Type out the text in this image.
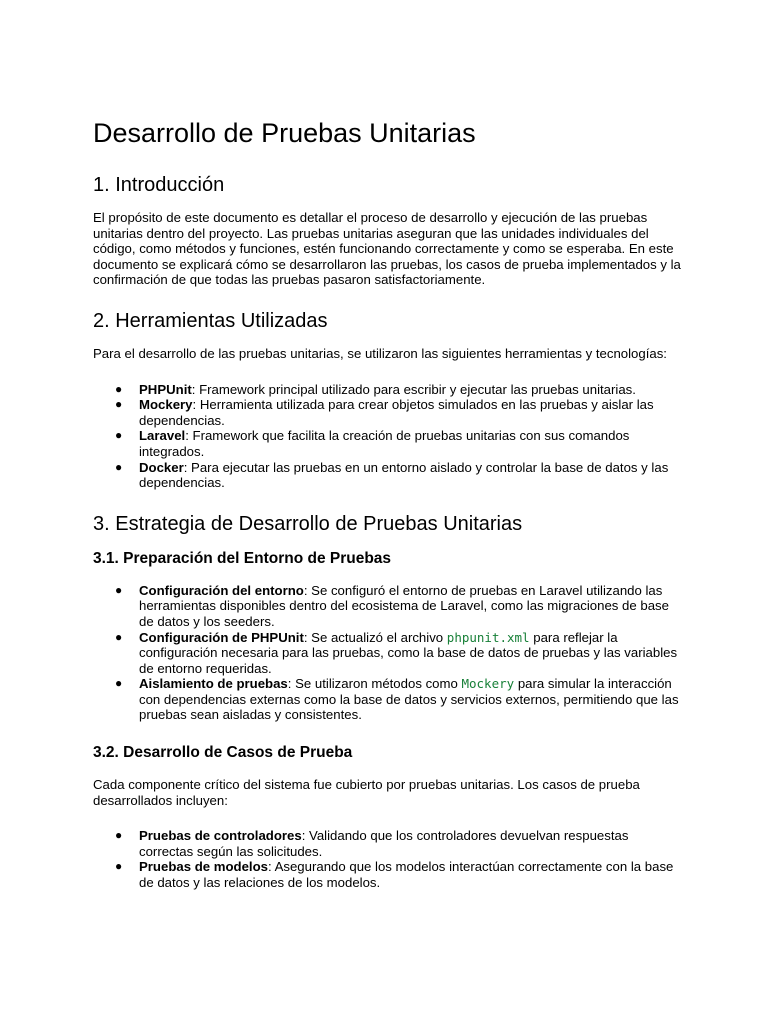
Desarrollo de Pruebas Unitarias
1. Introducción

El propósito de este documento es detallar el proceso de desarrollo y ejecución de las pruebas unitarias dentro del proyecto. Las pruebas unitarias aseguran que las unidades individuales del código, como métodos y funciones, estén funcionando correctamente y como se esperaba. En este documento se explicará cómo se desarrollaron las pruebas, los casos de prueba implementados y la confirmación de que todas las pruebas pasaron satisfactoriamente.

2. Herramientas Utilizadas

Para el desarrollo de las pruebas unitarias, se utilizaron las siguientes herramientas y tecnologías:

● PHPUnit: Framework principal utilizado para escribir y ejecutar las pruebas unitarias.
● Mockery: Herramienta utilizada para crear objetos simulados en las pruebas y aislar las dependencias.
● Laravel: Framework que facilita la creación de pruebas unitarias con sus comandos integrados.
● Docker: Para ejecutar las pruebas en un entorno aislado y controlar la base de datos y las dependencias.
3. Estrategia de Desarrollo de Pruebas Unitarias
3.1. Preparación del Entorno de Pruebas
● Configuración del entorno: Se configuró el entorno de pruebas en Laravel utilizando las herramientas disponibles dentro del ecosistema de Laravel, como las migraciones de base de datos y los seeders.
● Configuración de PHPUnit: Se actualizó el archivo phpunit.xml para reflejar la configuración necesaria para las pruebas, como la base de datos de pruebas y las variables de entorno requeridas.
● Aislamiento de pruebas: Se utilizaron métodos como Mockery para simular la interacción con dependencias externas como la base de datos y servicios externos, permitiendo que las pruebas sean aisladas y consistentes.
3.2. Desarrollo de Casos de Prueba

Cada componente crítico del sistema fue cubierto por pruebas unitarias. Los casos de prueba desarrollados incluyen:

● Pruebas de controladores: Validando que los controladores devuelvan respuestas correctas según las solicitudes.
● Pruebas de modelos: Asegurando que los modelos interactúan correctamente con la base de datos y las relaciones de los modelos.
